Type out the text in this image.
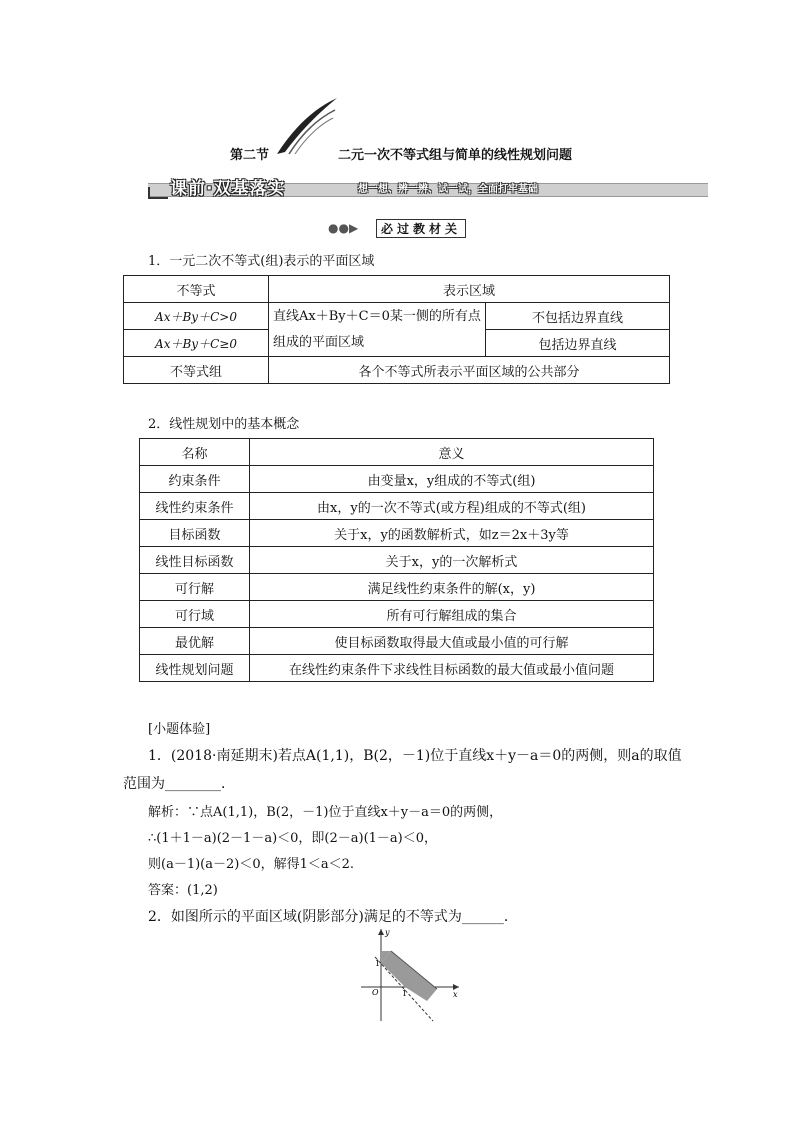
第二节	二元一次不等式组与简单的线性规划问题
课前·双基落实	想一想、辨一辨、试一试，全面打牢基础
●●▶	必过教材关
1．一元二次不等式(组)表示的平面区域
不等式	表示区域	
Ax＋By＋C>0	直线Ax＋By＋C＝0某一侧的所有点组成的平面区域	不包括边界直线
Ax＋By＋C≥0		包括边界直线
不等式组	各个不等式所表示平面区域的公共部分	
2．线性规划中的基本概念
名称	意义
约束条件	由变量x，y组成的不等式(组)
线性约束条件	由x，y的一次不等式(或方程)组成的不等式(组)
目标函数	关于x，y的函数解析式，如z＝2x＋3y等
线性目标函数	关于x，y的一次解析式
可行解	满足线性约束条件的解(x，y)
可行域	所有可行解组成的集合
最优解	使目标函数取得最大值或最小值的可行解
线性规划问题	在线性约束条件下求线性目标函数的最大值或最小值问题
[小题体验]
1．(2018·南延期末)若点A(1,1)，B(2，－1)位于直线x＋y－a＝0的两侧，则a的取值
范围为________．
解析：∵点A(1,1)，B(2，－1)位于直线x＋y－a＝0的两侧，
∴(1＋1－a)(2－1－a)＜0，即(2－a)(1－a)＜0，
则(a－1)(a－2)＜0，解得1＜a＜2.
答案：(1,2)
2．如图所示的平面区域(阴影部分)满足的不等式为______．
y
x
O	1
1
